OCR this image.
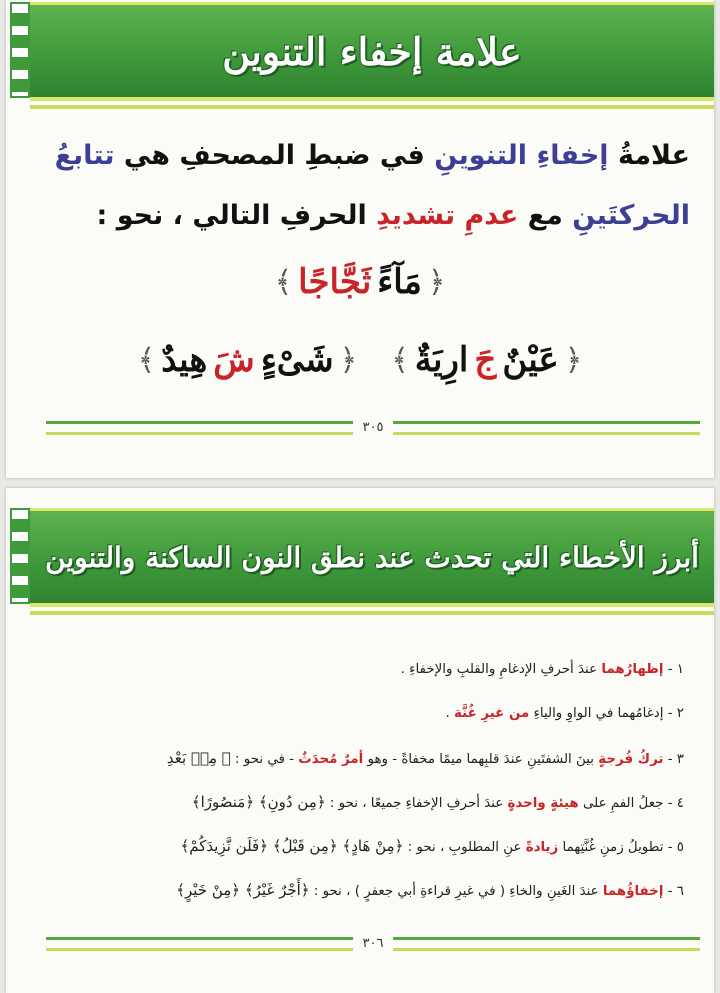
علامة إخفاء التنوين
علامةُ إخفاءِ التنوينِ في ضبطِ المصحفِ هي تتابعُ
الحركتَينِ مع عدمِ تشديدِ الحرفِ التالي ، نحو :
﴿
مَآءً
ثَجَّاجًا
﴾
﴿
عَيْنٌ
جَ
ارِيَةٌ
﴾
﴿
شَىْءٍ
شَ
هِيدٌ
﴾
٣٠٥
أبرز الأخطاء التي تحدث عند نطق النون الساكنة والتنوين
١ - إظهارُهما عندَ أحرفِ الإدغامِ والقلبِ والإخفاءِ .
٢ - إدغامُهما في الواوِ والياءِ من غيرِ غُنَّة .
٣ - تركُ فُرجةٍ بينَ الشفتَينِ عندَ قلبِهما ميمًا مخفاةً - وهو أمرٌ مُحدَثٌ - في نحو : ﴿ مِنۢ بَعْدِ
٤ - جعلُ الفمِ على هيئةٍ واحدةٍ عندَ أحرفِ الإخفاءِ جميعًا ، نحو : ﴿مِن دُونِ﴾ ﴿مَنصُورًا﴾
٥ - تطويلُ زمنِ غُنَّتِهما زيادةً عنِ المطلوبِ ، نحو : ﴿مِنْ هَادٍ﴾ ﴿مِن قَبْلُ﴾ ﴿فَلَن نَّزِيدَكُمْ﴾
٦ - إخفاؤُهما عندَ الغَينِ والخاءِ ( في غيرِ قراءةِ أبي جعفرٍ ) ، نحو : ﴿أَجْرٌ غَيْرُ﴾ ﴿مِنْ خَيْرٍ﴾
٣٠٦
